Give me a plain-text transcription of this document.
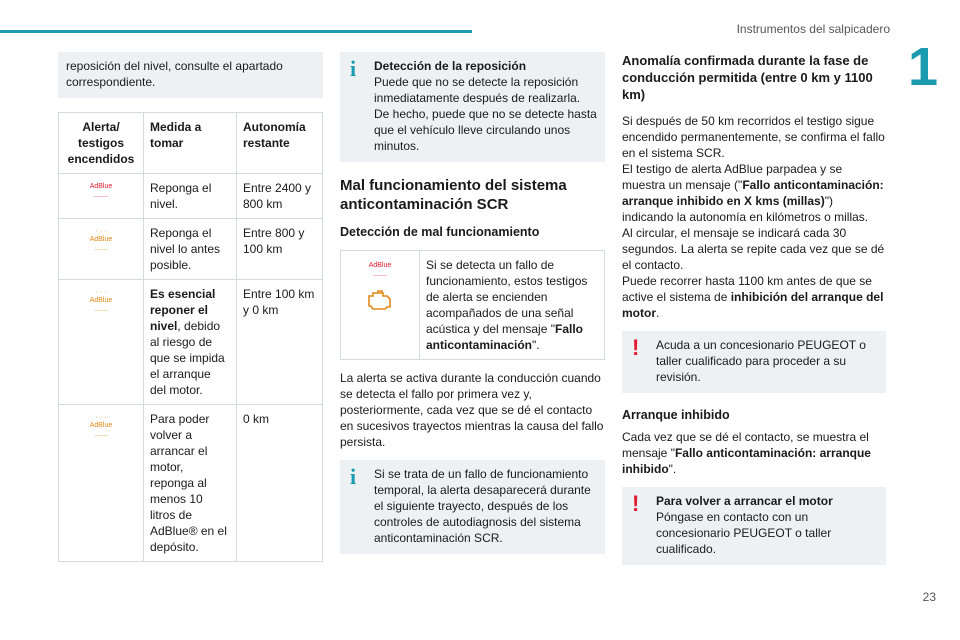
Instrumentos del salpicadero
1
23
reposición del nivel, consulte el apartado correspondiente.
Alerta/ testigos encendidos	Medida a tomar	Autonomía restante

AdBlue
﹏﹏	Reponga el nivel.	Entre 2400 y 800 km

· · ·
AdBlue
﹏﹏	Reponga el nivel lo antes posible.	Entre 800 y 100 km

· · ·
AdBlue
﹏﹏	Es esencial reponer el nivel, debido al riesgo de que se impida el arranque del motor.	Entre 100 km y 0 km

· · ·
AdBlue
﹏﹏	Para poder volver a arrancar el motor, reponga al menos 10 litros de AdBlue® en el depósito.	0 km
i Detección de la reposición
Puede que no se detecte la reposición inmediatamente después de realizarla. De hecho, puede que no se detecte hasta que el vehículo lleve circulando unos minutos.
Mal funcionamiento del sistema anticontaminación SCR
Detección de mal funcionamiento
AdBlue
﹏﹏
Si se detecta un fallo de funcionamiento, estos testigos de alerta se encienden acompañados de una señal acústica y del mensaje "Fallo anticontaminación".
La alerta se activa durante la conducción cuando se detecta el fallo por primera vez y, posteriormente, cada vez que se dé el contacto en sucesivos trayectos mientras la causa del fallo persista.
i Si se trata de un fallo de funcionamiento temporal, la alerta desaparecerá durante el siguiente trayecto, después de los controles de autodiagnosis del sistema anticontaminación SCR.
Anomalía confirmada durante la fase de conducción permitida (entre 0 km y 1100 km)
Si después de 50 km recorridos el testigo sigue encendido permanentemente, se confirma el fallo en el sistema SCR.
El testigo de alerta AdBlue parpadea y se muestra un mensaje ("Fallo anticontaminación: arranque inhibido en X kms (millas)") indicando la autonomía en kilómetros o millas.
Al circular, el mensaje se indicará cada 30 segundos. La alerta se repite cada vez que se dé el contacto.
Puede recorrer hasta 1100 km antes de que se active el sistema de inhibición del arranque del motor.
! Acuda a un concesionario PEUGEOT o taller cualificado para proceder a su revisión.
Arranque inhibido
Cada vez que se dé el contacto, se muestra el mensaje "Fallo anticontaminación: arranque inhibido".
! Para volver a arrancar el motor
Póngase en contacto con un concesionario PEUGEOT o taller cualificado.
